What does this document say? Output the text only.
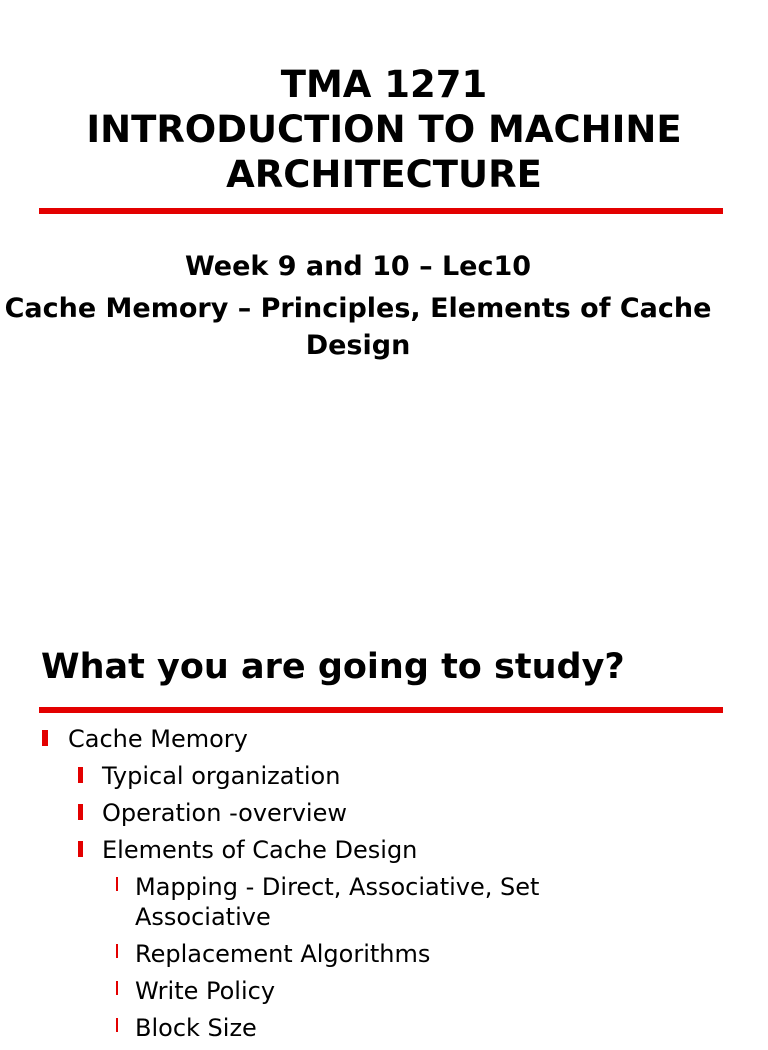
TMA 1271
INTRODUCTION TO MACHINE
ARCHITECTURE
Week 9 and 10 – Lec10
Cache Memory – Principles, Elements of Cache Design
What you are going to study?
Cache Memory
Typical organization
Operation -overview
Elements of Cache Design
Mapping - Direct, Associative, Set Associative
Replacement Algorithms
Write Policy
Block Size
